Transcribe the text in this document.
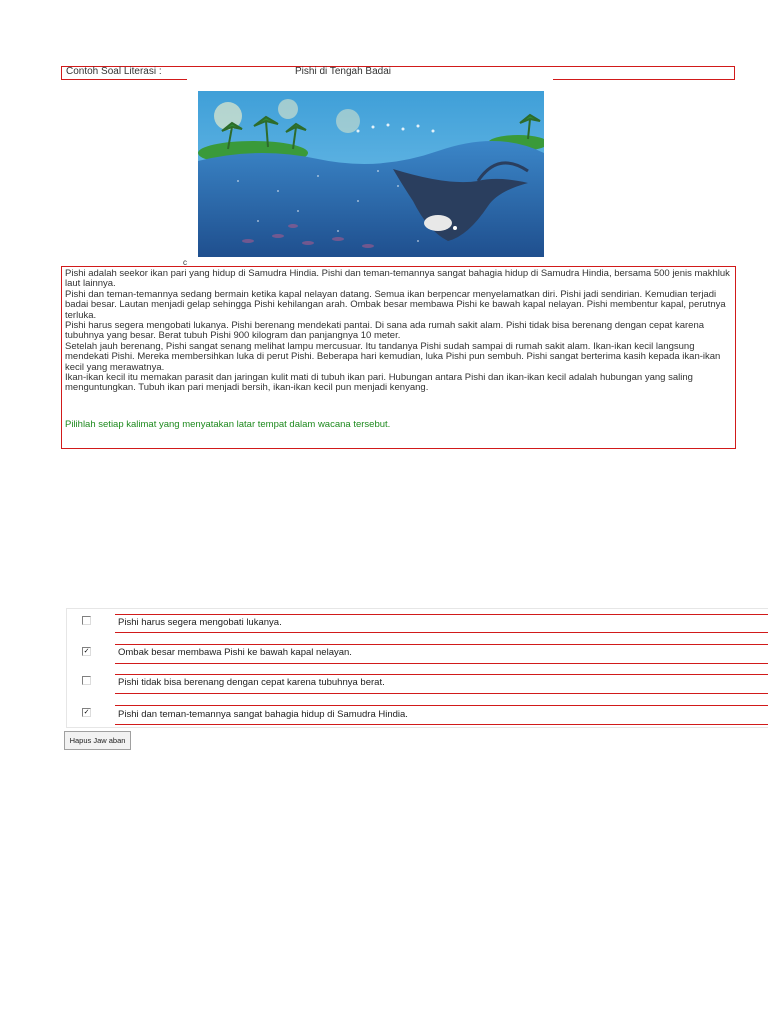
Contoh Soal Literasi :	Pishi di Tengah Badai
c

Pishi adalah seekor ikan pari yang hidup di Samudra Hindia. Pishi dan teman-temannya sangat bahagia hidup di Samudra Hindia, bersama 500 jenis makhluk laut lainnya.

Pishi dan teman-temannya sedang bermain ketika kapal nelayan datang. Semua ikan berpencar menyelamatkan diri. Pishi jadi sendirian. Kemudian terjadi badai besar. Lautan menjadi gelap sehingga Pishi kehilangan arah. Ombak besar membawa Pishi ke bawah kapal nelayan. Pishi membentur kapal, perutnya terluka.

Pishi harus segera mengobati lukanya. Pishi berenang mendekati pantai. Di sana ada rumah sakit alam. Pishi tidak bisa berenang dengan cepat karena tubuhnya yang besar. Berat tubuh Pishi 900 kilogram dan panjangnya 10 meter.

Setelah jauh berenang, Pishi sangat senang melihat lampu mercusuar. Itu tandanya Pishi sudah sampai di rumah sakit alam. Ikan-ikan kecil langsung mendekati Pishi. Mereka membersihkan luka di perut Pishi. Beberapa hari kemudian, luka Pishi pun sembuh. Pishi sangat berterima kasih kepada ikan-ikan kecil yang merawatnya.

Ikan-ikan kecil itu memakan parasit dan jaringan kulit mati di tubuh ikan pari. Hubungan antara Pishi dan ikan-ikan kecil adalah hubungan yang saling menguntungkan. Tubuh ikan pari menjadi bersih, ikan-ikan kecil pun menjadi kenyang.

Pilihlah setiap kalimat yang menyatakan latar tempat dalam wacana tersebut.
Pishi harus segera mengobati lukanya.
✓	Ombak besar membawa Pishi ke bawah kapal nelayan.
Pishi tidak bisa berenang dengan cepat karena tubuhnya berat.
✓	Pishi dan teman-temannya sangat bahagia hidup di Samudra Hindia.
Hapus Jaw aban
